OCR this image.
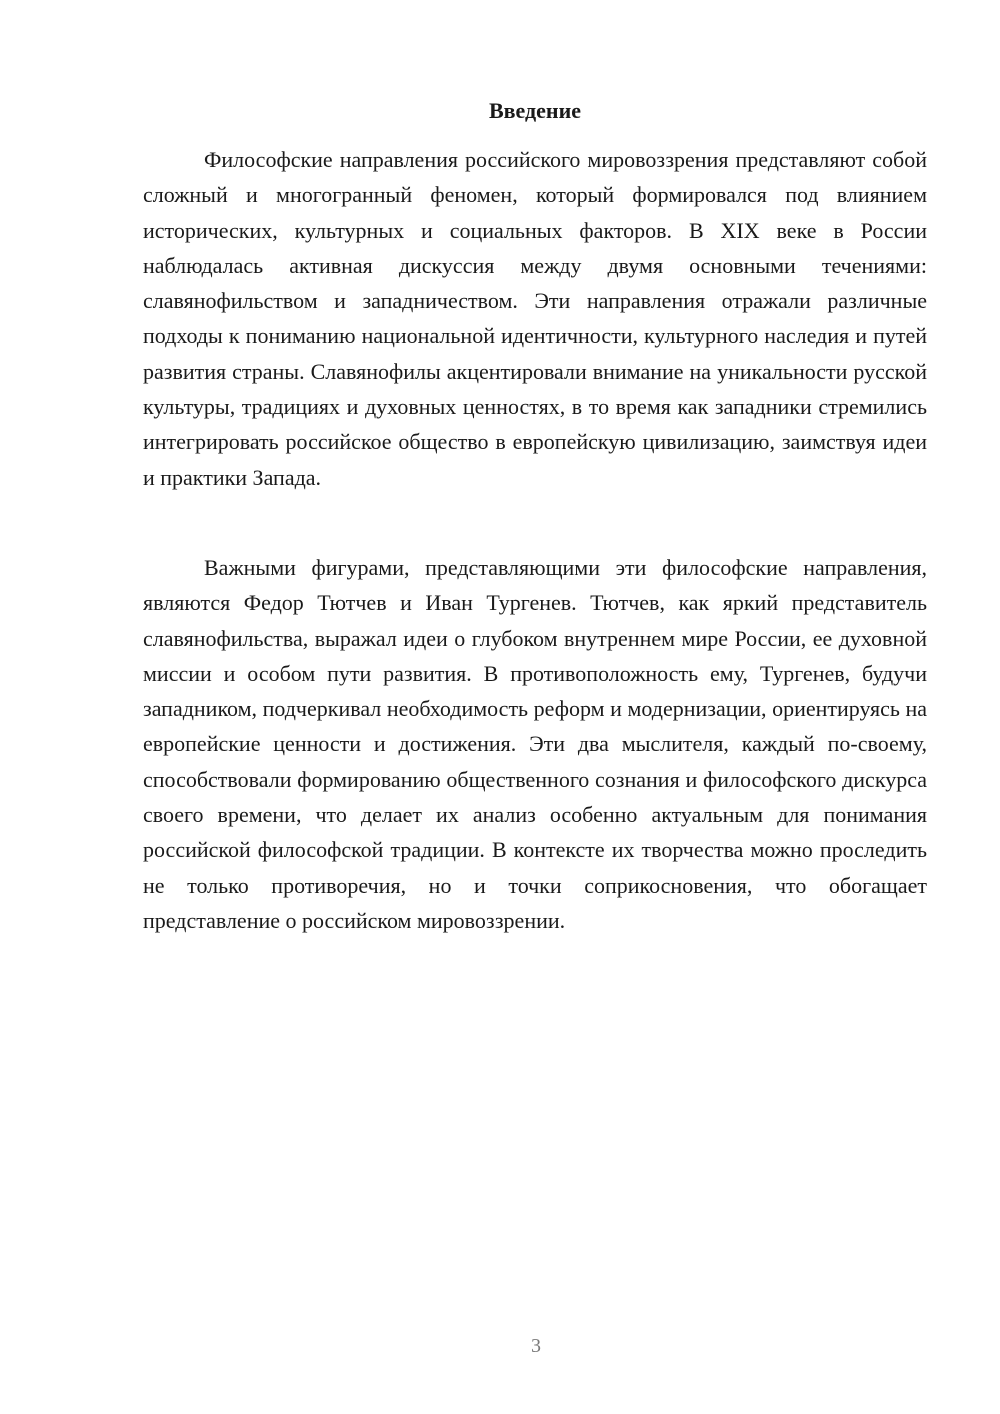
Введение

Философские направления российского мировоззрения представляют собой сложный и многогранный феномен, который формировался под влиянием исторических, культурных и социальных факторов. В XIX веке в России наблюдалась активная дискуссия между двумя основными течениями: славянофильством и западничеством. Эти направления отражали различные подходы к пониманию национальной идентичности, культурного наследия и путей развития страны. Славянофилы акцентировали внимание на уникальности русской культуры, традициях и духовных ценностях, в то время как западники стремились интегрировать российское общество в европейскую цивилизацию, заимствуя идеи и практики Запада.

Важными фигурами, представляющими эти философские направления, являются Федор Тютчев и Иван Тургенев. Тютчев, как яркий представитель славянофильства, выражал идеи о глубоком внутреннем мире России, ее духовной миссии и особом пути развития. В противоположность ему, Тургенев, будучи западником, подчеркивал необходимость реформ и модернизации, ориентируясь на европейские ценности и достижения. Эти два мыслителя, каждый по-своему, способствовали формированию общественного сознания и философского дискурса своего времени, что делает их анализ особенно актуальным для понимания российской философской традиции. В контексте их творчества можно проследить не только противоречия, но и точки соприкосновения, что обогащает представление о российском мировоззрении.

3
